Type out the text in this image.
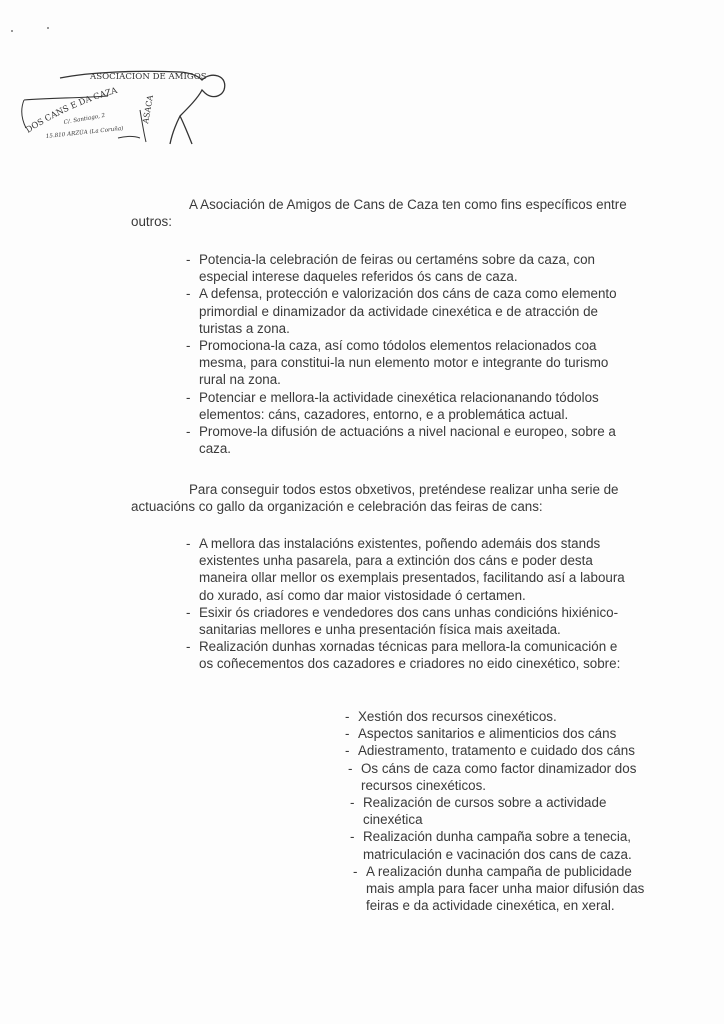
ASOCIACIÓN DE AMIGOS
DOS CANS E DA CAZA
ASACA
C/. Santiago, 2
15.810 ARZÚA (La Coruña)

A Asociación de Amigos de Cans de Caza ten como fins específicos entre outros:

- Potencia-la celebración de feiras ou certaméns sobre da caza, con especial interese daqueles referidos ós cans de caza.
- A defensa, protección e valorización dos cáns de caza como elemento primordial e dinamizador da actividade cinexética e de atracción de turistas a zona.
- Promociona-la caza, así como tódolos elementos relacionados coa mesma, para constitui-la nun elemento motor e integrante do turismo rural na zona.
- Potenciar e mellora-la actividade cinexética relacionanando tódolos elementos: cáns, cazadores, entorno, e a problemática actual.
- Promove-la difusión de actuacións a nivel nacional e europeo, sobre a caza.

Para conseguir todos estos obxetivos, preténdese realizar unha serie de actuacións co gallo da organización e celebración das feiras de cans:

- A mellora das instalacións existentes, poñendo ademáis dos stands existentes unha pasarela, para a extinción dos cáns e poder desta maneira ollar mellor os exemplais presentados, facilitando así a laboura do xurado, así como dar maior vistosidade ó certamen.
- Esixir ós criadores e vendedores dos cans unhas condicións hixiénico-sanitarias mellores e unha presentación física mais axeitada.
- Realización dunhas xornadas técnicas para mellora-la comunicación e os coñecementos dos cazadores e criadores no eido cinexético, sobre:
- Xestión dos recursos cinexéticos.
- Aspectos sanitarios e alimenticios dos cáns
- Adiestramento, tratamento e cuidado dos cáns
- Os cáns de caza como factor dinamizador dos recursos cinexéticos.
- Realización de cursos sobre a actividade cinexética
- Realización dunha campaña sobre a tenecia, matriculación e vacinación dos cans de caza.
- A realización dunha campaña de publicidade mais ampla para facer unha maior difusión das feiras e da actividade cinexética, en xeral.
